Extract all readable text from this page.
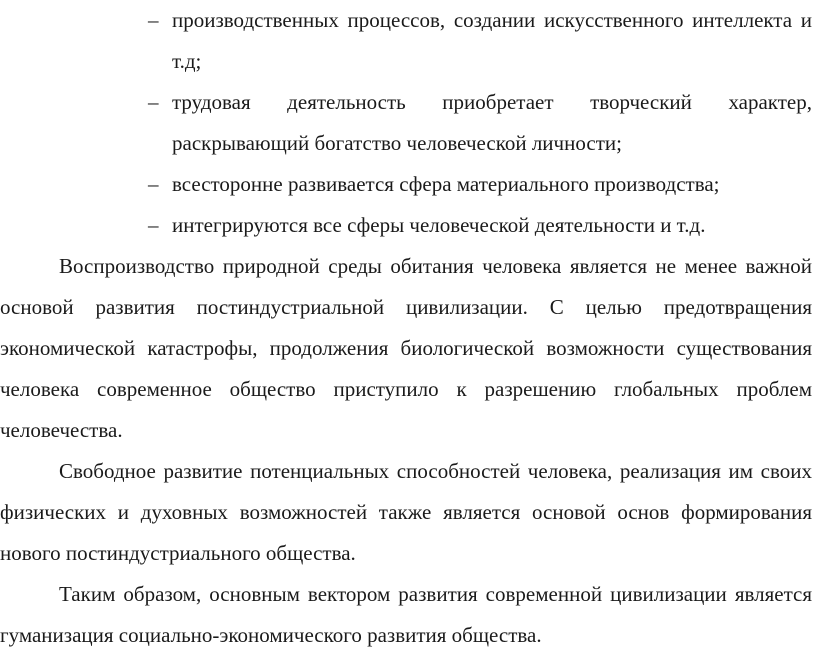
– производственных процессов, создании искусственного интеллекта и т.д;
– трудовая деятельность приобретает творческий характер, раскрывающий богатство человеческой личности;
– всесторонне развивается сфера материального производства;
– интегрируются все сферы человеческой деятельности и т.д.

Воспроизводство природной среды обитания человека является не менее важной основой развития постиндустриальной цивилизации. С целью предотвращения экономической катастрофы, продолжения биологической возможности существования человека современное общество приступило к разрешению глобальных проблем человечества.

Свободное развитие потенциальных способностей человека, реализация им своих физических и духовных возможностей также является основой основ формирования нового постиндустриального общества.

Таким образом, основным вектором развития современной цивилизации является гуманизация социально-экономического развития общества.
